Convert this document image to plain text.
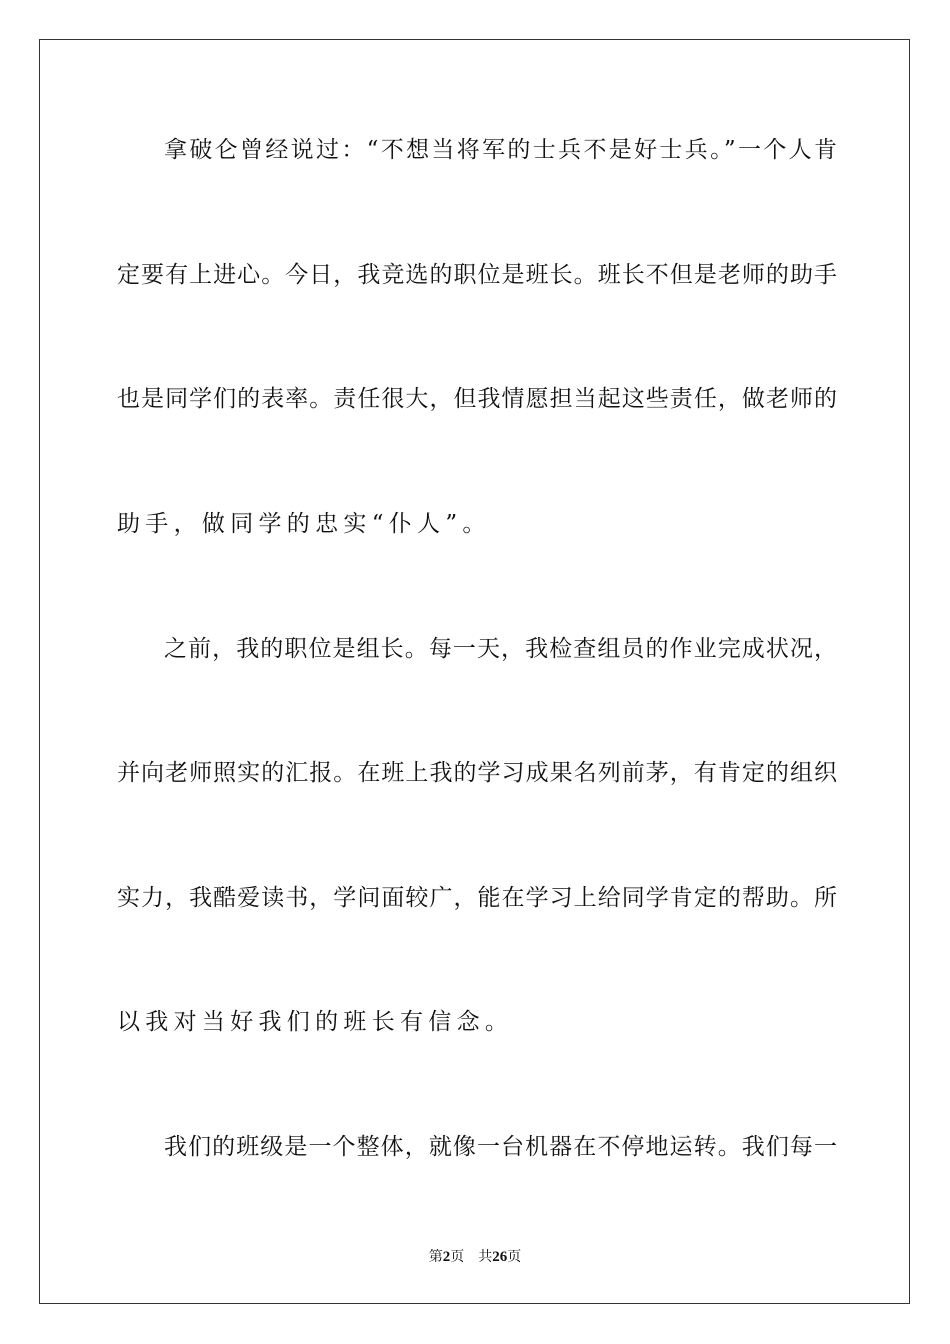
拿破仑曾经说过：“不想当将军的士兵不是好士兵。”一个人肯
定要有上进心。今日，我竞选的职位是班长。班长不但是老师的助手
也是同学们的表率。责任很大，但我情愿担当起这些责任，做老师的
助手，做同学的忠实“仆人”。
之前，我的职位是组长。每一天，我检查组员的作业完成状况，
并向老师照实的汇报。在班上我的学习成果名列前茅，有肯定的组织
实力，我酷爱读书，学问面较广，能在学习上给同学肯定的帮助。所
以我对当好我们的班长有信念。
我们的班级是一个整体，就像一台机器在不停地运转。我们每一
第2页 共26页
